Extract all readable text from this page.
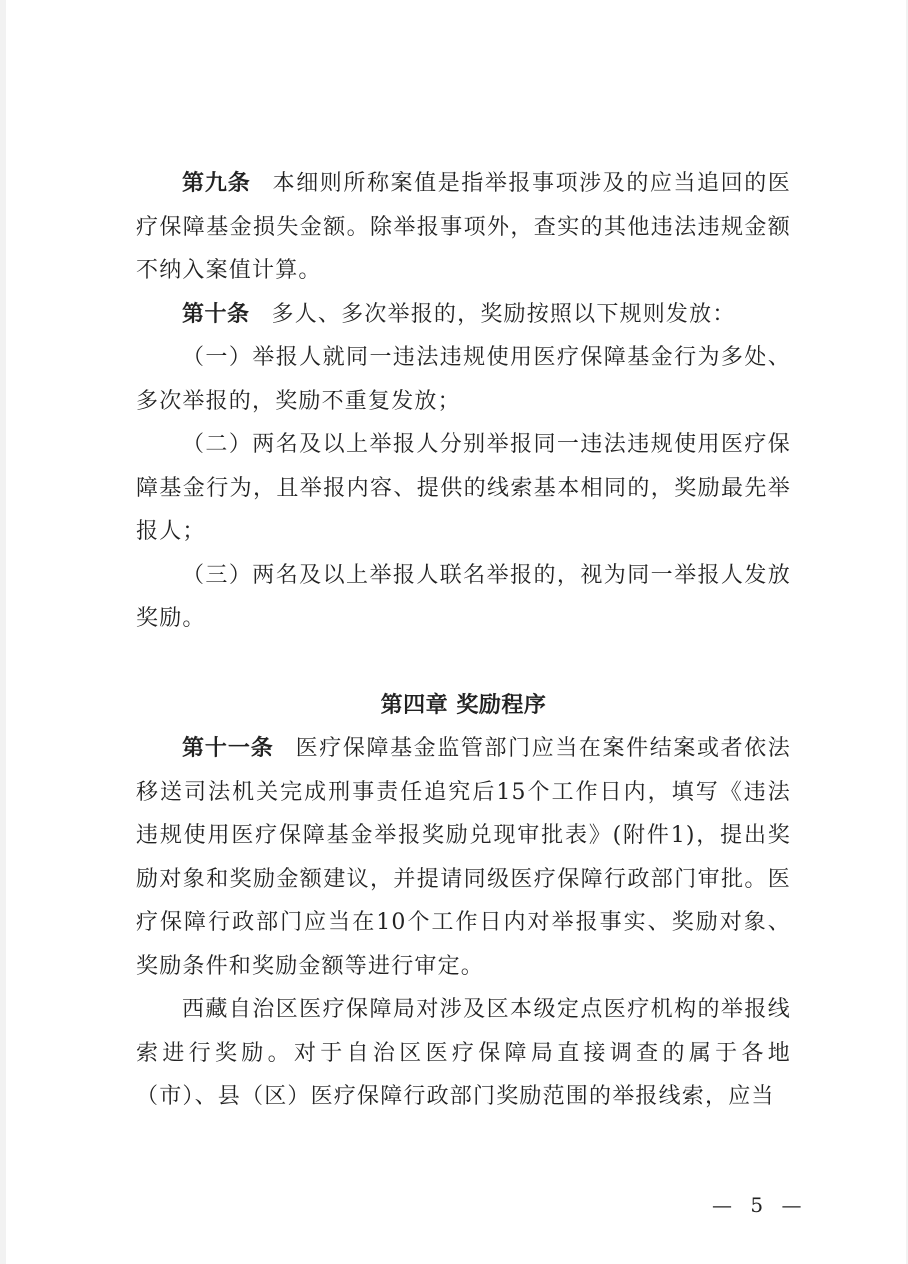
第九条 本细则所称案值是指举报事项涉及的应当追回的医疗保障基金损失金额。除举报事项外，查实的其他违法违规金额不纳入案值计算。

第十条 多人、多次举报的，奖励按照以下规则发放：

（一）举报人就同一违法违规使用医疗保障基金行为多处、多次举报的，奖励不重复发放；

（二）两名及以上举报人分别举报同一违法违规使用医疗保障基金行为，且举报内容、提供的线索基本相同的，奖励最先举报人；

（三）两名及以上举报人联名举报的，视为同一举报人发放奖励。

第四章 奖励程序

第十一条 医疗保障基金监管部门应当在案件结案或者依法移送司法机关完成刑事责任追究后15个工作日内，填写《违法违规使用医疗保障基金举报奖励兑现审批表》(附件1)，提出奖励对象和奖励金额建议，并提请同级医疗保障行政部门审批。医疗保障行政部门应当在10个工作日内对举报事实、奖励对象、奖励条件和奖励金额等进行审定。

西藏自治区医疗保障局对涉及区本级定点医疗机构的举报线索进行奖励。对于自治区医疗保障局直接调查的属于各地（市）、县（区）医疗保障行政部门奖励范围的举报线索，应当

— 5 —
